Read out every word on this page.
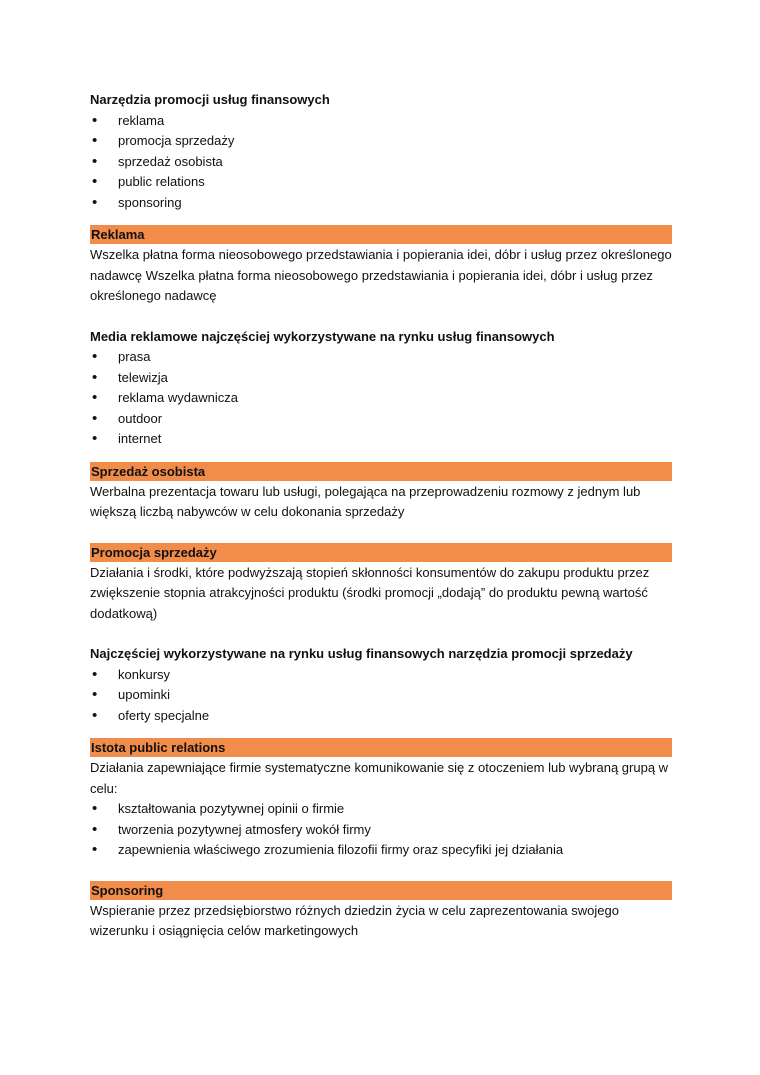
Narzędzia promocji usług finansowych

• reklama
• promocja sprzedaży
• sprzedaż osobista
• public relations
• sponsoring
Reklama

Wszelka płatna forma nieosobowego przedstawiania i popierania idei, dóbr i usług przez określonego nadawcę Wszelka płatna forma nieosobowego przedstawiania i popierania idei, dóbr i usług przez określonego nadawcę

Media reklamowe najczęściej wykorzystywane na rynku usług finansowych

• prasa
• telewizja
• reklama wydawnicza
• outdoor
• internet
Sprzedaż osobista

Werbalna prezentacja towaru lub usługi, polegająca na przeprowadzeniu rozmowy z jednym lub większą liczbą nabywców w celu dokonania sprzedaży

Promocja sprzedaży

Działania i środki, które podwyższają stopień skłonności konsumentów do zakupu produktu przez zwiększenie stopnia atrakcyjności produktu (środki promocji „dodają” do produktu pewną wartość dodatkową)

Najczęściej wykorzystywane na rynku usług finansowych narzędzia promocji sprzedaży

• konkursy
• upominki
• oferty specjalne
Istota public relations

Działania zapewniające firmie systematyczne komunikowanie się z otoczeniem lub wybraną grupą w celu:

• kształtowania pozytywnej opinii o firmie
• tworzenia pozytywnej atmosfery wokół firmy
• zapewnienia właściwego zrozumienia filozofii firmy oraz specyfiki jej działania
Sponsoring

Wspieranie przez przedsiębiorstwo różnych dziedzin życia w celu zaprezentowania swojego wizerunku i osiągnięcia celów marketingowych
